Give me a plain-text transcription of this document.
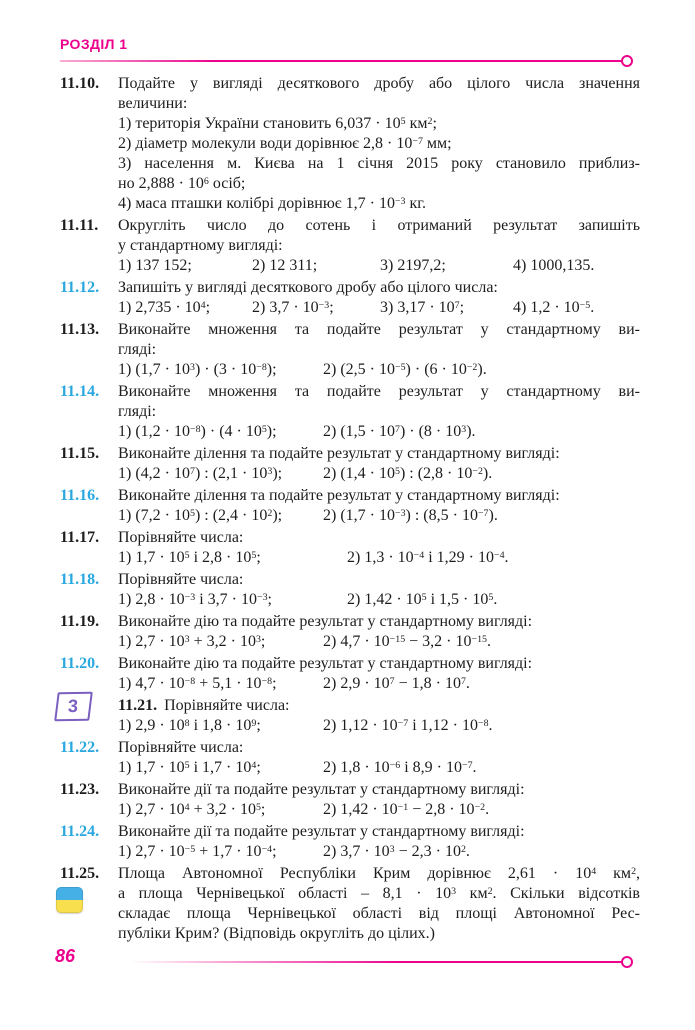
РОЗДІЛ 1
11.10.	Подайте у вигляді десяткового дробу або цілого числа значення
величини:
1) територія України становить $6,037 \cdot 10^5$ $км^2$;
2) діаметр молекули води дорівнює $2,8 \cdot 10^{-7}$ мм;
3) населення м. Києва на 1 січня 2015 року становило приблиз-
но $2,888 \cdot 10^6$ осіб;
4) маса пташки колібрі дорівнює $1,7 \cdot 10^{-3}$ кг.
11.11.	Округліть число до сотень і отриманий результат запишіть
у стандартному вигляді:
1) 137 152;	2) 12 311;	3) 2197,2;	4) 1000,135.
11.12.	Запишіть у вигляді десяткового дробу або цілого числа:
1) $2,735 \cdot 10^4$;	2) $3,7 \cdot 10^{-3}$;	3) $3,17 \cdot 10^7$;	4) $1,2 \cdot 10^{-5}$.
11.13.	Виконайте множення та подайте результат у стандартному ви-
гляді:
1) $(1,7 \cdot 10^3) \cdot (3 \cdot 10^{-8})$;	2) $(2,5 \cdot 10^{-5}) \cdot (6 \cdot 10^{-2})$.
11.14.	Виконайте множення та подайте результат у стандартному ви-
гляді:
1) $(1,2 \cdot 10^{-8}) \cdot (4 \cdot 10^5)$;	2) $(1,5 \cdot 10^7) \cdot (8 \cdot 10^3)$.
11.15.	Виконайте ділення та подайте результат у стандартному вигляді:
1) $(4,2 \cdot 10^7)$ : $(2,1 \cdot 10^3)$;	2) $(1,4 \cdot 10^5)$ : $(2,8 \cdot 10^{-2})$.
11.16.	Виконайте ділення та подайте результат у стандартному вигляді:
1) $(7,2 \cdot 10^5)$ : $(2,4 \cdot 10^2)$;	2) $(1,7 \cdot 10^{-3})$ : $(8,5 \cdot 10^{-7})$.
11.17.	Порівняйте числа:
1) $1,7 \cdot 10^5$ і $2,8 \cdot 10^5$;	2) $1,3 \cdot 10^{-4}$ і $1,29 \cdot 10^{-4}$.
11.18.	Порівняйте числа:
1) $2,8 \cdot 10^{-3}$ і $3,7 \cdot 10^{-3}$;	2) $1,42 \cdot 10^5$ і $1,5 \cdot 10^5$.
11.19.	Виконайте дію та подайте результат у стандартному вигляді:
1) $2,7 \cdot 10^3 + 3,2 \cdot 10^3$;	2) $4,7 \cdot 10^{-15} - 3,2 \cdot 10^{-15}$.
11.20.	Виконайте дію та подайте результат у стандартному вигляді:
1) $4,7 \cdot 10^{-8} + 5,1 \cdot 10^{-8}$;	2) $2,9 \cdot 10^7 - 1,8 \cdot 10^7$.
11.21. Порівняйте числа:
1) $2,9 \cdot 10^8$ і $1,8 \cdot 10^9$;	2) $1,12 \cdot 10^{-7}$ і $1,12 \cdot 10^{-8}$.
11.22.	Порівняйте числа:
1) $1,7 \cdot 10^5$ і $1,7 \cdot 10^4$;	2) $1,8 \cdot 10^{-6}$ і $8,9 \cdot 10^{-7}$.
11.23.	Виконайте дії та подайте результат у стандартному вигляді:
1) $2,7 \cdot 10^4 + 3,2 \cdot 10^5$;	2) $1,42 \cdot 10^{-1} - 2,8 \cdot 10^{-2}$.
11.24.	Виконайте дії та подайте результат у стандартному вигляді:
1) $2,7 \cdot 10^{-5} + 1,7 \cdot 10^{-4}$;	2) $3,7 \cdot 10^3 - 2,3 \cdot 10^2$.
11.25.	Площа Автономної Республіки Крим дорівнює $2,61 \cdot 10^4$ $км^2$,
а площа Чернівецької області – $8,1 \cdot 10^3$ $км^2$. Скільки відсотків
складає площа Чернівецької області від площі Автономної Рес-
публіки Крим? (Відповідь округліть до цілих.)
3
86
